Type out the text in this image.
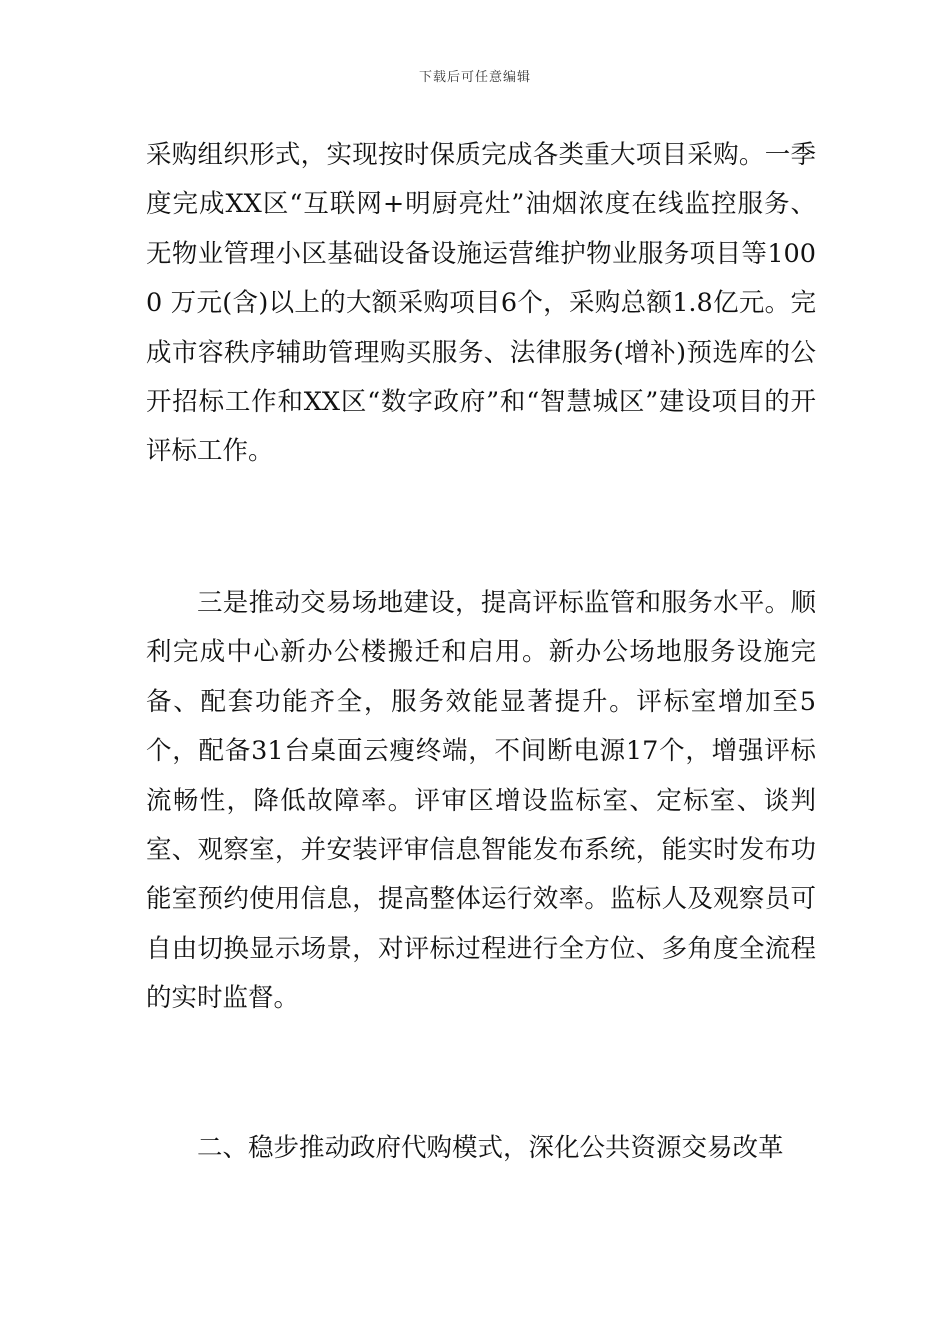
下载后可任意编辑

采购组织形式，实现按时保质完成各类重大项目采购。一季度完成XX区“互联网+明厨亮灶”油烟浓度在线监控服务、无物业管理小区基础设备设施运营维护物业服务项目等1000 万元(含)以上的大额采购项目6个，采购总额1.8亿元。完成市容秩序辅助管理购买服务、法律服务(增补)预选库的公开招标工作和XX区“数字政府”和“智慧城区”建设项目的开评标工作。

三是推动交易场地建设，提高评标监管和服务水平。顺利完成中心新办公楼搬迁和启用。新办公场地服务设施完备、配套功能齐全，服务效能显著提升。评标室增加至5个，配备31台桌面云瘦终端，不间断电源17个，增强评标流畅性，降低故障率。评审区增设监标室、定标室、谈判室、观察室，并安装评审信息智能发布系统，能实时发布功能室预约使用信息，提高整体运行效率。监标人及观察员可自由切换显示场景，对评标过程进行全方位、多角度全流程的实时监督。

二、稳步推动政府代购模式，深化公共资源交易改革
